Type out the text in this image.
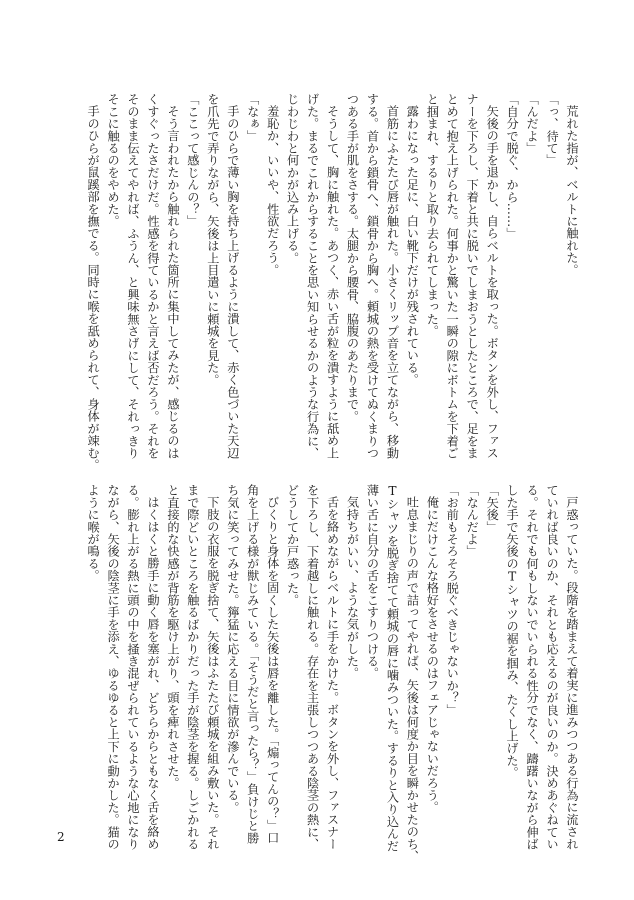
荒れた指が、ベルトに触れた。
「っ、待て」
「んだよ」
「自分で脱ぐ、から……」
矢後の手を退かし、自らベルトを取った。ボタンを外し、ファス
ナーを下ろし、下着と共に脱いでしまおうとしたところで、足をま
とめて抱え上げられた。何事かと驚いた一瞬の隙にボトムを下着ご
と掴まれ、するりと取り去られてしまった。
露わになった足に、白い靴下だけが残されている。
首筋にふたたび唇が触れた。小さくリップ音を立てながら、移動
する。首から鎖骨へ、鎖骨から胸へ。頼城の熱を受けてぬくまりつ
つある手が肌をさする。太腿から腰骨、脇腹のあたりまで。
そうして、胸に触れた。あつく、赤い舌が粒を潰すように舐め上
げた。まるでこれからすることを思い知らせるかのような行為に、
じわじわと何かが込み上げる。
羞恥か、いいや、性欲だろう。
「なぁ」
手のひらで薄い胸を持ち上げるように潰して、赤く色づいた天辺
を爪先で弄りながら、矢後は上目遣いに頼城を見た。
「ここって感じんの？」
そう言われたから触れられた箇所に集中してみたが、感じるのは
くすぐったさだけだ。性感を得ているかと言えば否だろう。それを
そのまま伝えてやれば、ふうん、と興味無さげにして、それっきり
そこに触るのをやめた。
手のひらが鼠蹊部を撫でる。同時に喉を舐められて、身体が竦む。
戸惑っていた。段階を踏まえて着実に進みつつある行為に流され
ていれば良いのか、それとも応えるのが良いのか。決めあぐねてい
る。それでも何もしないでいられる性分でなく、躊躇いながら伸ば
した手で矢後のTシャツの裾を掴み、たくし上げた。
「矢後」
「なんだよ」
「お前もそろそろ脱ぐべきじゃないか？」
俺にだけこんな格好をさせるのはフェアじゃないだろう。
吐息まじりの声で詰ってやれば、矢後は何度か目を瞬かせたのち、
Tシャツを脱ぎ捨てて頼城の唇に噛みついた。するりと入り込んだ
薄い舌に自分の舌をこすりつける。
気持ちがいい、ような気がした。
舌を絡めながらベルトに手をかけた。ボタンを外し、ファスナー
を下ろし、下着越しに触れる。存在を主張しつつある陰茎の熱に、
どうしてか戸惑った。
びくりと身体を固くした矢後は唇を離した。「煽ってんの？」口
角を上げる様が獣じみている。「そうだと言ったら？」負けじと勝
ち気に笑ってみせた。獰猛に応える目に情欲が滲んでいる。
下肢の衣服を脱ぎ捨て、矢後はふたたび頼城を組み敷いた。それ
まで際どいところを触るばかりだった手が陰茎を握る。しごかれる
と直接的な快感が背筋を駆け上がり、頭を痺れさせた。
はくはくと勝手に動く唇を塞がれ、どちらからともなく舌を絡め
る。膨れ上がる熱に頭の中を掻き混ぜられているような心地になり
ながら、矢後の陰茎に手を添え、ゆるゆると上下に動かした。猫の
ように喉が鳴る。
2
